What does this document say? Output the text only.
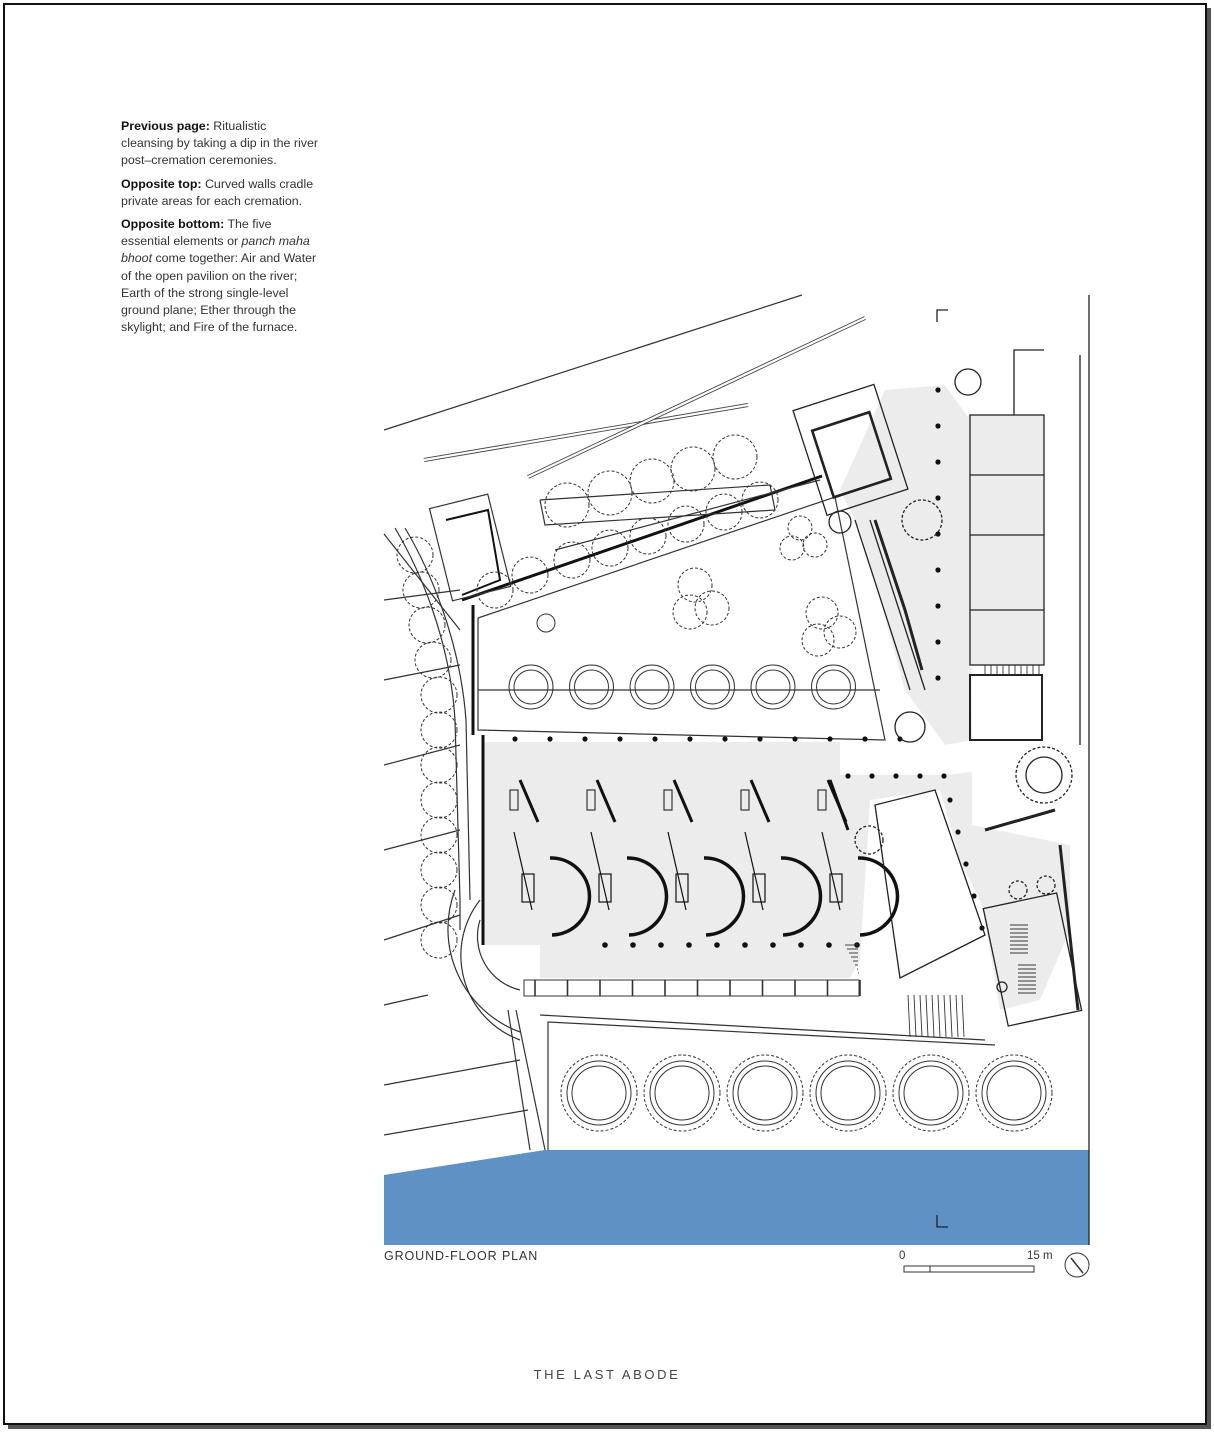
Previous page: Ritualistic cleansing by taking a dip in the river post–cremation ceremonies.

Opposite top: Curved walls cradle private areas for each cremation.

Opposite bottom: The five essential elements or panch maha bhoot come together: Air and Water of the open pavilion on the river; Earth of the strong single-level ground plane; Ether through the skylight; and Fire of the furnace.

GROUND-FLOOR PLAN	0	15 m
THE LAST ABODE
